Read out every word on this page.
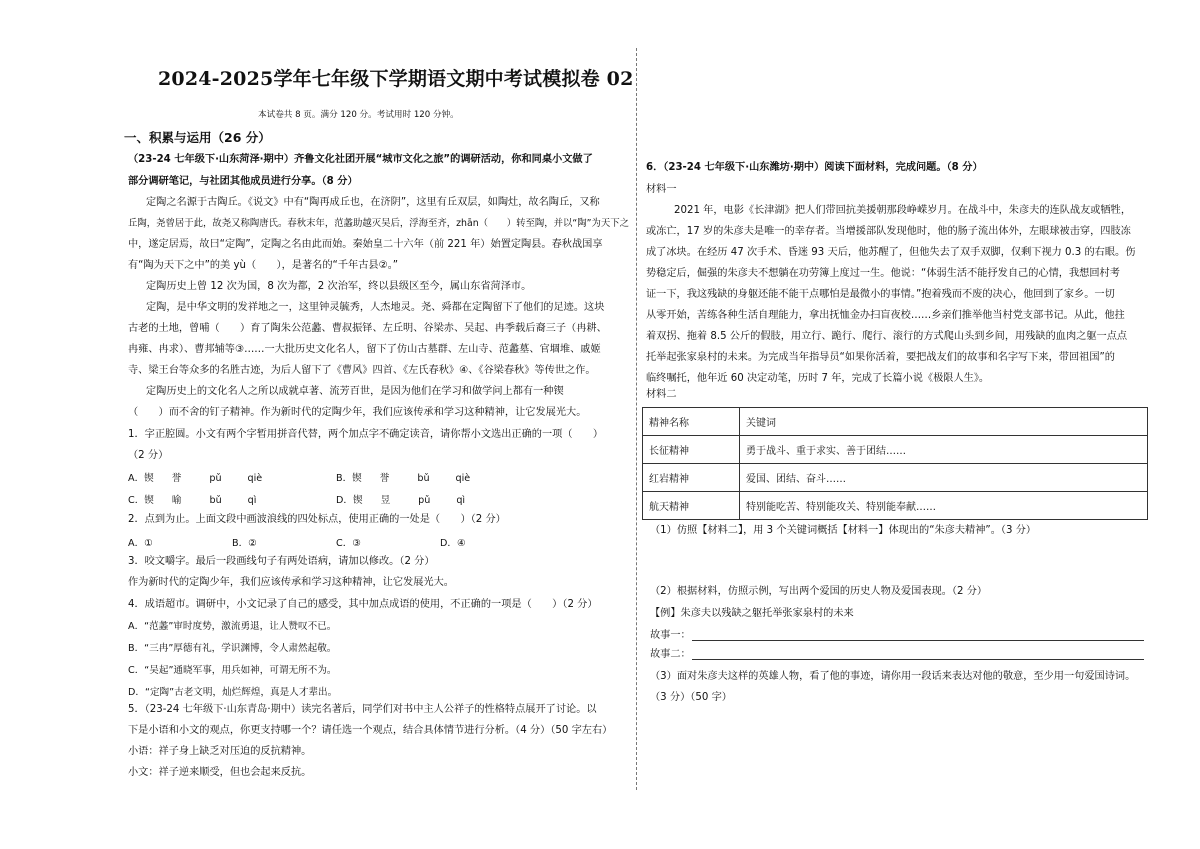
2024-2025学年七年级下学期语文期中考试模拟卷 02
本试卷共 8 页。满分 120 分。考试用时 120 分钟。
一、积累与运用（26 分）
（23-24 七年级下·山东菏泽·期中）齐鲁文化社团开展“城市文化之旅”的调研活动，你和同桌小文做了
部分调研笔记，与社团其他成员进行分享。（8 分）
定陶之名源于古陶丘。《说文》中有“陶再成丘也，在济阴”，这里有丘双层，如陶灶，故名陶丘，又称
丘陶，尧曾居于此，故尧又称陶唐氏。春秋末年，范蠡助越灭吴后，浮海至齐，zhān（　　）转至陶，并以“陶”为天下之
中，遂定居焉，故曰“定陶”，定陶之名由此而始。秦始皇二十六年（前 221 年）始置定陶县。春秋战国享
有“陶为天下之中”的美 yù（　　），是著名的“千年古县②。”
定陶历史上曾 12 次为国，8 次为都，2 次治军，终以县级区至今，属山东省菏泽市。
定陶，是中华文明的发祥地之一，这里钟灵毓秀，人杰地灵。尧、舜都在定陶留下了他们的足迹。这块
古老的土地，曾哺（　　）育了陶朱公范蠡、曹叔振铎、左丘明、谷梁赤、吴起、冉季载后裔三子（冉耕、
冉雍、冉求）、曹邦辅等③……一大批历史文化名人，留下了仿山古墓群、左山寺、范蠡墓、官堌堆、戚姬
寺、梁王台等众多的名胜古迹，为后人留下了《曹风》四首、《左氏春秋》④、《谷梁春秋》等传世之作。
定陶历史上的文化名人之所以成就卓著、流芳百世，是因为他们在学习和做学问上都有一种锲
（　　）而不舍的钉子精神。作为新时代的定陶少年，我们应该传承和学习这种精神，让它发展光大。
1．字正腔圆。小文有两个字暂用拼音代替，两个加点字不确定读音，请你帮小文选出正确的一项（　　）
（2 分）
A．锲 誉	pǔ	qiè	B．锲 誉	bǔ	qiè
C．锲 喻	bǔ	qì	D．锲 昱	pǔ	qì
2．点到为止。上面文段中画波浪线的四处标点，使用正确的一处是（　　）（2 分）
A．①	B．②	C．③	D．④
3．咬文嚼字。最后一段画线句子有两处语病，请加以修改。（2 分）
作为新时代的定陶少年，我们应该传承和学习这种精神，让它发展光大。
4．成语超市。调研中，小文记录了自己的感受，其中加点成语的使用，不正确的一项是（　　）（2 分）
A．“范蠡”审时度势，激流勇退，让人赞叹不已。
B．“三冉”厚德有礼，学识渊博，令人肃然起敬。
C．“吴起”通晓军事，用兵如神，可谓无所不为。
D．“定陶”古老文明，灿烂辉煌，真是人才辈出。
5．（23-24 七年级下·山东青岛·期中）读完名著后，同学们对书中主人公祥子的性格特点展开了讨论。以
下是小语和小文的观点，你更支持哪一个？请任选一个观点，结合具体情节进行分析。（4 分）（50 字左右）
小语：祥子身上缺乏对压迫的反抗精神。
小文：祥子逆来顺受，但也会起来反抗。
6．（23-24 七年级下·山东潍坊·期中）阅读下面材料，完成问题。（8 分）
材料一
2021 年，电影《长津湖》把人们带回抗美援朝那段峥嵘岁月。在战斗中，朱彦夫的连队战友或牺牲，
或冻亡，17 岁的朱彦夫是唯一的幸存者。当增援部队发现他时，他的肠子流出体外，左眼球被击穿，四肢冻
成了冰块。在经历 47 次手术、昏迷 93 天后，他苏醒了，但他失去了双手双脚，仅剩下视力 0.3 的右眼。伤
势稳定后，倔强的朱彦夫不想躺在功劳簿上度过一生。他说：“体弱生活不能抒发自己的心情，我想回村考
证一下，我这残缺的身躯还能不能干点哪怕是最微小的事情。”抱着残而不废的决心，他回到了家乡。一切
从零开始，苦练各种生活自理能力，拿出抚恤金办扫盲夜校……乡亲们推举他当村党支部书记。从此，他拄
着双拐、拖着 8.5 公斤的假肢，用立行、跪行、爬行、滚行的方式爬山头到乡间，用残缺的血肉之躯一点点
托举起张家泉村的未来。为完成当年指导员“如果你活着，要把战友们的故事和名字写下来，带回祖国”的
临终嘱托，他年近 60 决定动笔，历时 7 年，完成了长篇小说《极限人生》。
材料二
精神名称	关键词
长征精神	勇于战斗、重于求实、善于团结……
红岩精神	爱国、团结、奋斗……
航天精神	特别能吃苦、特别能攻关、特别能奉献……
（1）仿照【材料二】，用 3 个关键词概括【材料一】体现出的“朱彦夫精神”。（3 分）
（2）根据材料，仿照示例，写出两个爱国的历史人物及爱国表现。（2 分）
【例】朱彦夫以残缺之躯托举张家泉村的未来
故事一：
故事二：
（3）面对朱彦夫这样的英雄人物，看了他的事迹，请你用一段话来表达对他的敬意，至少用一句爱国诗词。
（3 分）（50 字）
